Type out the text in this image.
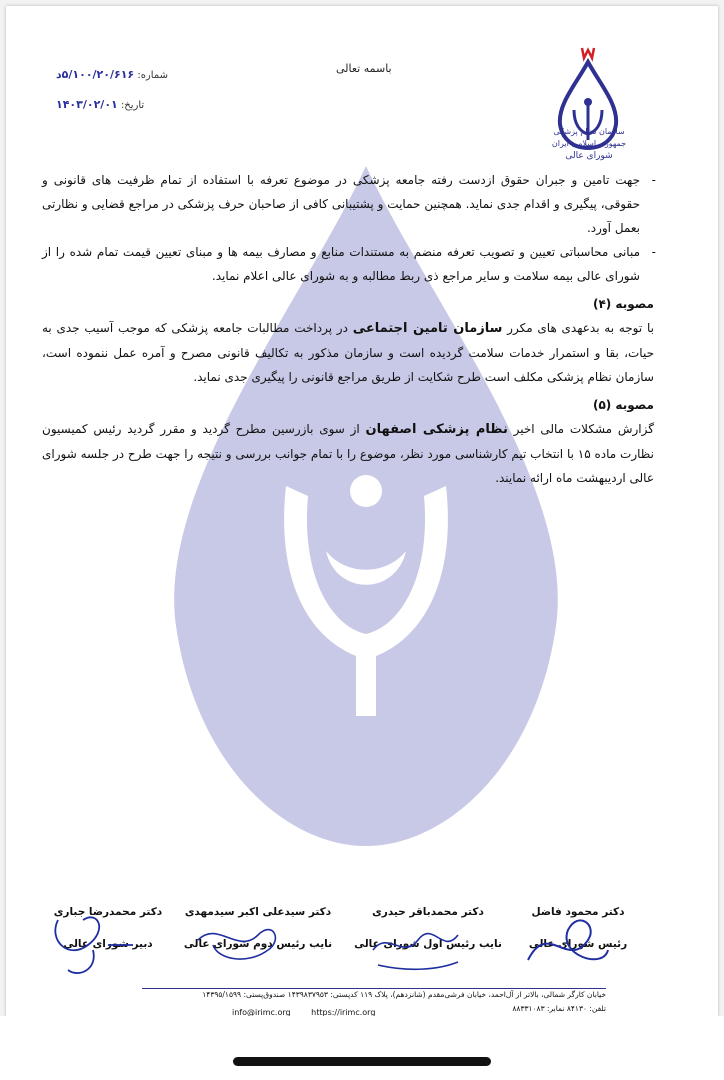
سازمان نظام پزشکی جمهوری اسلامی ایران
شورای عالی
باسمه تعالی
شماره: ۵/۱۰۰/۲۰/۶۱۶د
تاریخ: ۱۴۰۳/۰۲/۰۱

- جهت تامین و جبران حقوق ازدست رفته جامعه پزشکی در موضوع تعرفه با استفاده از تمام ظرفیت های قانونی و حقوقی، پیگیری و اقدام جدی نماید. همچنین حمایت و پشتیبانی کافی از صاحبان حرف پزشکی در مراجع قضایی و نظارتی بعمل آورد.

- مبانی محاسباتی تعیین و تصویب تعرفه منضم به مستندات منابع و مصارف بیمه ها و مبنای تعیین قیمت تمام شده را از شورای عالی بیمه سلامت و سایر مراجع ذی ربط مطالبه و به شورای عالی اعلام نماید.

مصوبه (۴)

با توجه به بدعهدی های مکرر سازمان تامین اجتماعی در پرداخت مطالبات جامعه پزشکی که موجب آسیب جدی به حیات، بقا و استمرار خدمات سلامت گردیده است و سازمان مذکور به تکالیف قانونی مصرح و آمره عمل ننموده است، سازمان نظام پزشکی مکلف است طرح شکایت از طریق مراجع قانونی را پیگیری جدی نماید.

مصوبه (۵)

گزارش مشکلات مالی اخیر نظام پزشکی اصفهان از سوی بازرسین مطرح گردید و مقرر گردید رئیس کمیسیون نظارت ماده ۱۵ با انتخاب تیم کارشناسی مورد نظر، موضوع را با تمام جوانب بررسی و نتیجه را جهت طرح در جلسه شورای عالی اردیبهشت ماه ارائه نمایند.

دکتر محمود فاضل
رئیس شورای عالی
دکتر محمدباقر حیدری
نایب رئیس اول شورای عالی
دکتر سیدعلی اکبر سیدمهدی
نایب رئیس دوم شورای عالی
دکتر محمدرضا جباری
دبیر شورای عالی
خیابان کارگر شمالی، بالاتر از آل‌احمد، خیابان فرشی‌مقدم (شانزدهم)، پلاک ۱۱۹ کدپستی: ۱۴۳۹۸۳۷۹۵۳ صندوق‌پستی: ۱۴۳۹۵/۱۵۹۹
تلفن: ۸۴۱۳۰ نمابر: ۸۸۳۳۱۰۸۳
info@irimc.org	https://irimc.org
